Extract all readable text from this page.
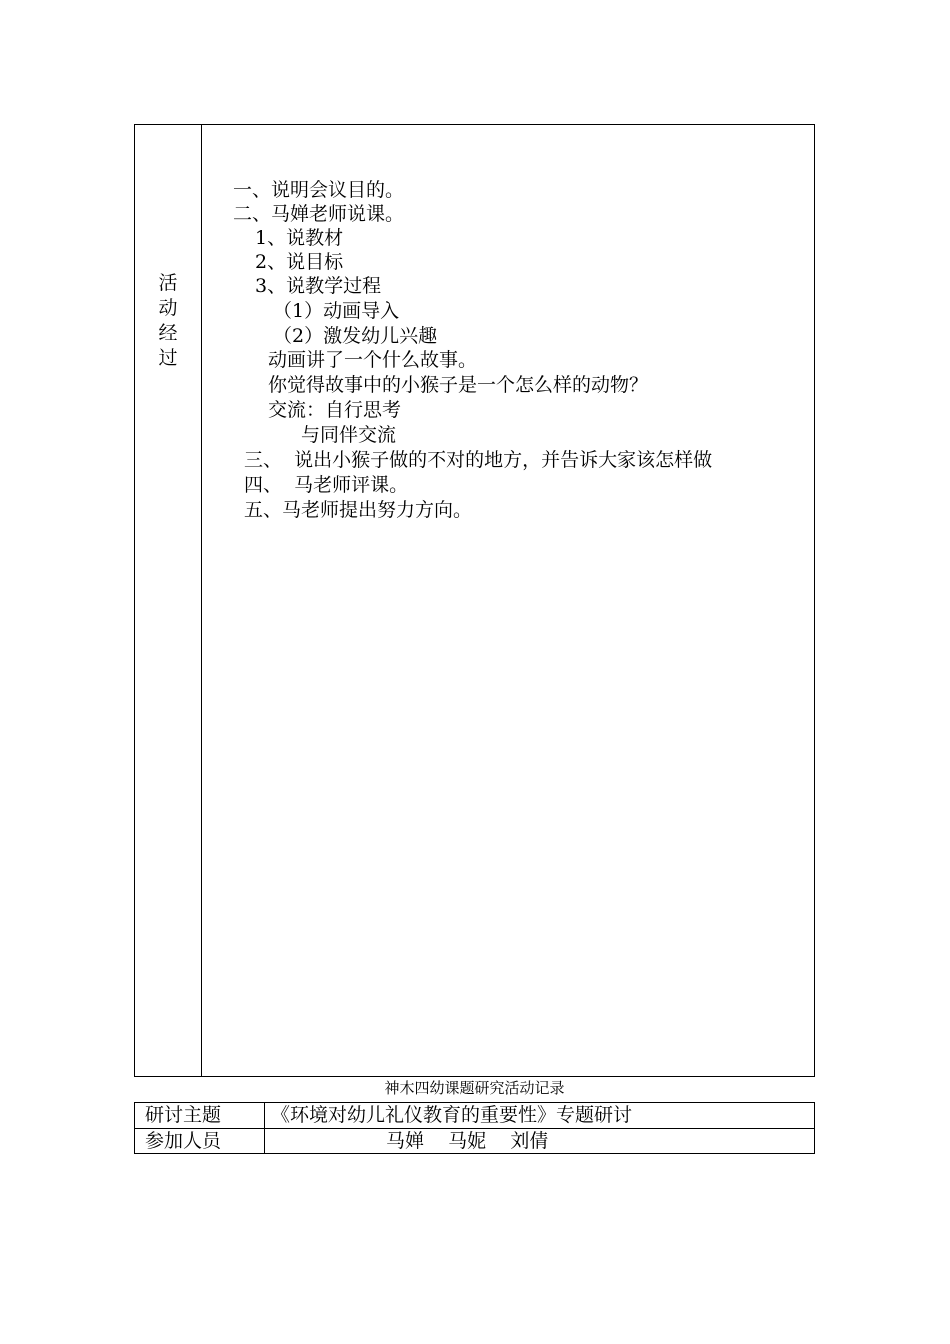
活
动
经
过
一、说明会议目的。
二、马婵老师说课。
1、说教材
2、说目标
3、说教学过程
（1）动画导入
（2）激发幼儿兴趣
动画讲了一个什么故事。
你觉得故事中的小猴子是一个怎么样的动物？
交流：自行思考
与同伴交流
三、  说出小猴子做的不对的地方，并告诉大家该怎样做
四、  马老师评课。
五、马老师提出努力方向。
神木四幼课题研究活动记录
研讨主题	《环境对幼儿礼仪教育的重要性》专题研讨
参加人员	马婵    马妮    刘倩
